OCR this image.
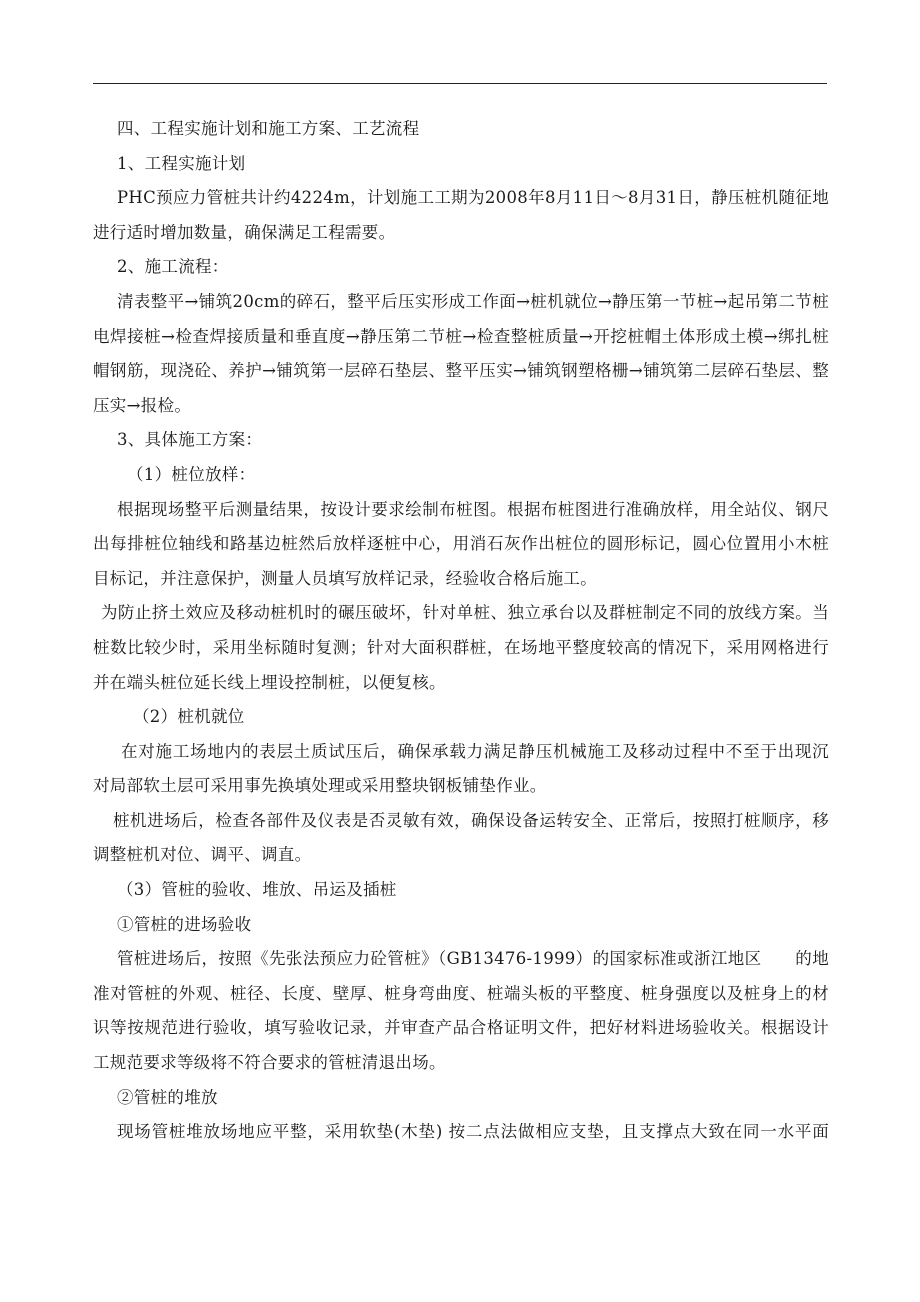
四、工程实施计划和施工方案、工艺流程
1、工程实施计划
PHC预应力管桩共计约4224m，计划施工工期为2008年8月11日～8月31日，静压桩机随征地
进行适时增加数量，确保满足工程需要。
2、施工流程：
清表整平→铺筑20cm的碎石，整平后压实形成工作面→桩机就位→静压第一节桩→起吊第二节桩
电焊接桩→检查焊接质量和垂直度→静压第二节桩→检查整桩质量→开挖桩帽土体形成土模→绑扎桩
帽钢筋，现浇砼、养护→铺筑第一层碎石垫层、整平压实→铺筑钢塑格栅→铺筑第二层碎石垫层、整
压实→报检。
3、具体施工方案：
（1）桩位放样：
根据现场整平后测量结果，按设计要求绘制布桩图。根据布桩图进行准确放样，用全站仪、钢尺
出每排桩位轴线和路基边桩然后放样逐桩中心，用消石灰作出桩位的圆形标记，圆心位置用小木桩
目标记，并注意保护，测量人员填写放样记录，经验收合格后施工。
为防止挤土效应及移动桩机时的碾压破坏，针对单桩、独立承台以及群桩制定不同的放线方案。当
桩数比较少时，采用坐标随时复测；针对大面积群桩，在场地平整度较高的情况下，采用网格进行
并在端头桩位延长线上埋设控制桩，以便复核。
（2）桩机就位
在对施工场地内的表层土质试压后，确保承载力满足静压机械施工及移动过程中不至于出现沉
对局部软土层可采用事先换填处理或采用整块钢板铺垫作业。
桩机进场后，检查各部件及仪表是否灵敏有效，确保设备运转安全、正常后，按照打桩顺序，移
调整桩机对位、调平、调直。
（3）管桩的验收、堆放、吊运及插桩
①管桩的进场验收
管桩进场后，按照《先张法预应力砼管桩》（GB13476-1999）的国家标准或浙江地区　　的地
准对管桩的外观、桩径、长度、壁厚、桩身弯曲度、桩端头板的平整度、桩身强度以及桩身上的材
识等按规范进行验收，填写验收记录，并审查产品合格证明文件，把好材料进场验收关。根据设计
工规范要求等级将不符合要求的管桩清退出场。
②管桩的堆放
现场管桩堆放场地应平整，采用软垫(木垫) 按二点法做相应支垫，且支撑点大致在同一水平面
